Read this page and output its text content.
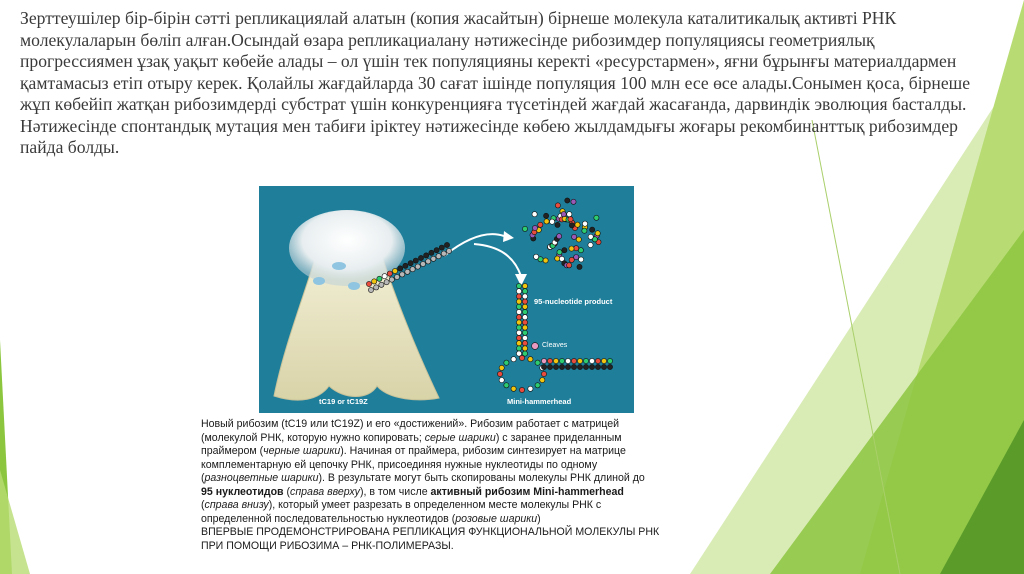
Зерттеушілер бір-бірін сәтті репликациялай алатын (копия жасайтын) бірнеше молекула каталитикалық активті РНК молекулаларын бөліп алған.Осындай өзара репликациалану нәтижесінде рибозимдер популяциясы геометриялық прогрессиямен ұзақ уақыт көбейе алады – ол үшін тек популяцияны керекті «ресурстармен», яғни бұрынғы материалдармен қамтамасыз етіп отыру керек. Қолайлы жағдайларда 30 сағат ішінде популяция 100 млн есе өсе алады.Сонымен қоса, бірнеше жұп көбейіп жатқан рибозимдерді субстрат үшін конкуренцияға түсетіндей жағдай жасағанда, дарвиндік эволюция басталды. Нәтижесінде спонтандық мутация мен табиғи іріктеу нәтижесінде көбею жылдамдығы жоғары рекомбинанттық рибозимдер пайда болды.

95-nucleotide product
Cleaves
Mini-hammerhead
tC19 or tC19Z
Новый рибозим (tC19 или tC19Z) и его «достижений». Рибозим работает с матрицей
(молекулой РНК, которую нужно копировать; серые шарики) с заранее приделанным
праймером (черные шарики). Начиная от праймера, рибозим синтезирует на матрице
комплементарную ей цепочку РНК, присоединяя нужные нуклеотиды по одному
(разноцветные шарики). В результате могут быть скопированы молекулы РНК длиной до
95 нуклеотидов (справа вверху), в том числе активный рибозим Mini-hammerhead
(справа внизу), который умеет разрезать в определенном месте молекулы РНК с
определенной последовательностью нуклеотидов (розовые шарики)
ВПЕРВЫЕ ПРОДЕМОНСТРИРОВАНА РЕПЛИКАЦИЯ ФУНКЦИОНАЛЬНОЙ МОЛЕКУЛЫ РНК
ПРИ ПОМОЩИ РИБОЗИМА – РНК-ПОЛИМЕРАЗЫ.
